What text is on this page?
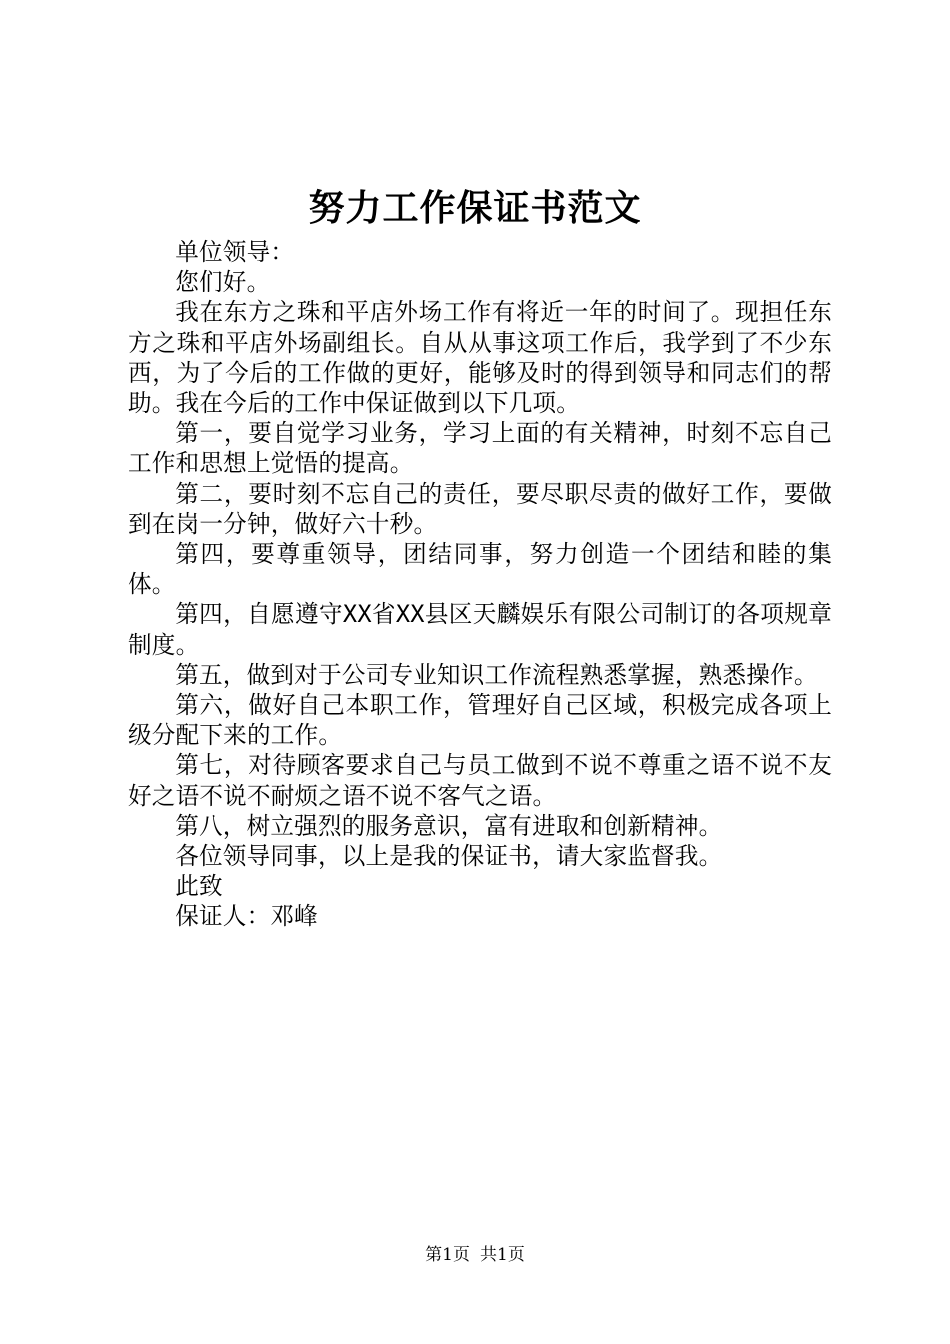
努力工作保证书范文

单位领导：

您们好。

我在东方之珠和平店外场工作有将近一年的时间了。现担任东方之珠和平店外场副组长。自从从事这项工作后，我学到了不少东西，为了今后的工作做的更好，能够及时的得到领导和同志们的帮助。我在今后的工作中保证做到以下几项。

第一，要自觉学习业务，学习上面的有关精神，时刻不忘自己工作和思想上觉悟的提高。

第二，要时刻不忘自己的责任，要尽职尽责的做好工作，要做到在岗一分钟，做好六十秒。

第四，要尊重领导，团结同事，努力创造一个团结和睦的集体。

第四，自愿遵守XX省XX县区天麟娱乐有限公司制订的各项规章制度。

第五，做到对于公司专业知识工作流程熟悉掌握，熟悉操作。

第六，做好自己本职工作，管理好自己区域，积极完成各项上级分配下来的工作。

第七，对待顾客要求自己与员工做到不说不尊重之语不说不友好之语不说不耐烦之语不说不客气之语。

第八，树立强烈的服务意识，富有进取和创新精神。

各位领导同事，以上是我的保证书，请大家监督我。

此致

保证人：邓峰

第1页 共1页
